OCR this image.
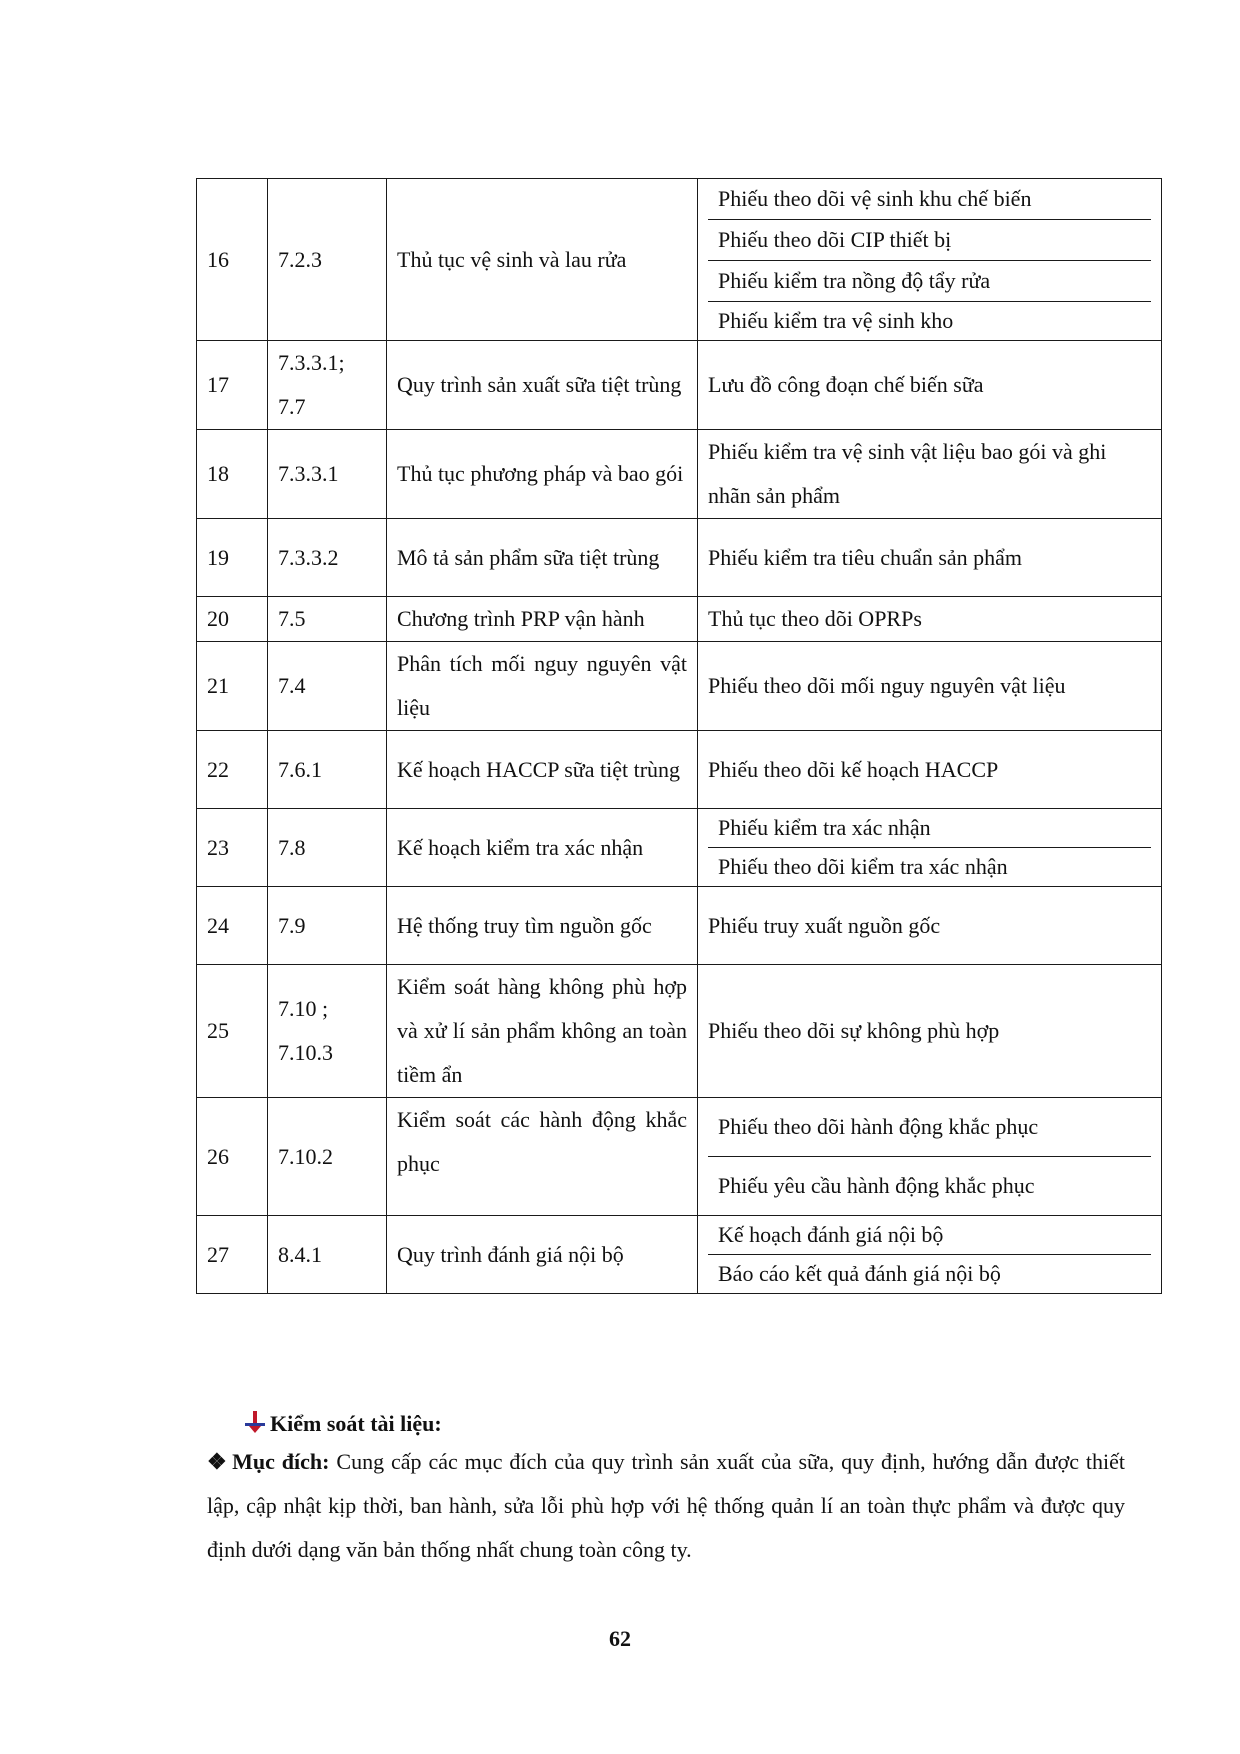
16	7.2.3	Thủ tục vệ sinh và lau rửa	Phiếu theo dõi vệ sinh khu chế biến
Phiếu theo dõi CIP thiết bị
Phiếu kiểm tra nồng độ tẩy rửa
Phiếu kiểm tra vệ sinh kho

17	7.3.3.1; 7.7	Quy trình sản xuất sữa tiệt trùng	Lưu đồ công đoạn chế biến sữa
18	7.3.3.1	Thủ tục phương pháp và bao gói	Phiếu kiểm tra vệ sinh vật liệu bao gói và ghi nhãn sản phẩm
19	7.3.3.2	Mô tả sản phẩm sữa tiệt trùng	Phiếu kiểm tra tiêu chuẩn sản phẩm
20	7.5	Chương trình PRP vận hành	Thủ tục theo dõi OPRPs
21	7.4	Phân tích mối nguy nguyên vật liệu	Phiếu theo dõi mối nguy nguyên vật liệu
22	7.6.1	Kế hoạch HACCP sữa tiệt trùng	Phiếu theo dõi kế hoạch HACCP
23	7.8	Kế hoạch kiểm tra xác nhận	Phiếu kiểm tra xác nhận
Phiếu theo dõi kiểm tra xác nhận

24	7.9	Hệ thống truy tìm nguồn gốc	Phiếu truy xuất nguồn gốc
25	7.10 ; 7.10.3	Kiểm soát hàng không phù hợp và xử lí sản phẩm không an toàn tiềm ẩn	Phiếu theo dõi sự không phù hợp
26	7.10.2	Kiểm soát các hành động khắc phục	Phiếu theo dõi hành động khắc phục
Phiếu yêu cầu hành động khắc phục

27	8.4.1	Quy trình đánh giá nội bộ	Kế hoạch đánh giá nội bộ
Báo cáo kết quả đánh giá nội bộ
Kiểm soát tài liệu:
❖ Mục đích: Cung cấp các mục đích của quy trình sản xuất của sữa, quy định, hướng dẫn được thiết lập, cập nhật kịp thời, ban hành, sửa lỗi phù hợp với hệ thống quản lí an toàn thực phẩm và được quy định dưới dạng văn bản thống nhất chung toàn công ty.
62
